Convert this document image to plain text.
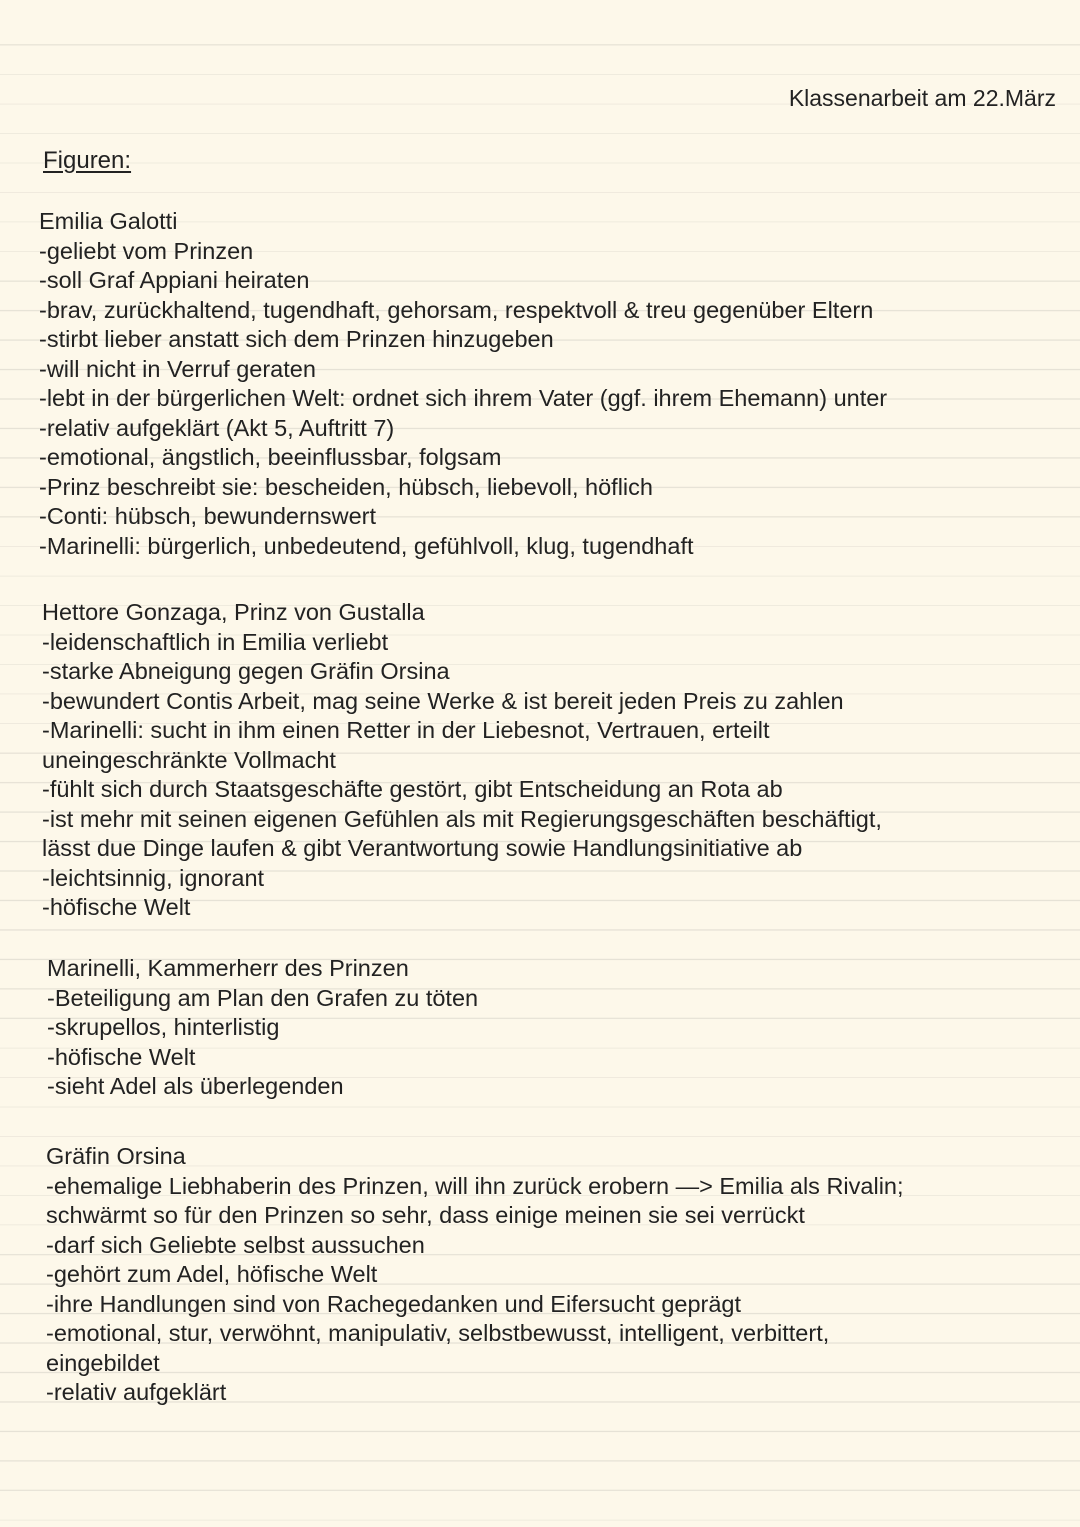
Klassenarbeit am 22.März
Figuren:
Emilia Galotti
-geliebt vom Prinzen
-soll Graf Appiani heiraten
-brav, zurückhaltend, tugendhaft, gehorsam, respektvoll & treu gegenüber Eltern
-stirbt lieber anstatt sich dem Prinzen hinzugeben
-will nicht in Verruf geraten
-lebt in der bürgerlichen Welt: ordnet sich ihrem Vater (ggf. ihrem Ehemann) unter
-relativ aufgeklärt (Akt 5, Auftritt 7)
-emotional, ängstlich, beeinflussbar, folgsam
-Prinz beschreibt sie: bescheiden, hübsch, liebevoll, höflich
-Conti: hübsch, bewundernswert
-Marinelli: bürgerlich, unbedeutend, gefühlvoll, klug, tugendhaft
Hettore Gonzaga, Prinz von Gustalla
-leidenschaftlich in Emilia verliebt
-starke Abneigung gegen Gräfin Orsina
-bewundert Contis Arbeit, mag seine Werke & ist bereit jeden Preis zu zahlen
-Marinelli: sucht in ihm einen Retter in der Liebesnot, Vertrauen, erteilt
uneingeschränkte Vollmacht
-fühlt sich durch Staatsgeschäfte gestört, gibt Entscheidung an Rota ab
-ist mehr mit seinen eigenen Gefühlen als mit Regierungsgeschäften beschäftigt,
lässt due Dinge laufen & gibt Verantwortung sowie Handlungsinitiative ab
-leichtsinnig, ignorant
-höfische Welt
Marinelli, Kammerherr des Prinzen
-Beteiligung am Plan den Grafen zu töten
-skrupellos, hinterlistig
-höfische Welt
-sieht Adel als überlegenden
Gräfin Orsina
-ehemalige Liebhaberin des Prinzen, will ihn zurück erobern —> Emilia als Rivalin;
schwärmt so für den Prinzen so sehr, dass einige meinen sie sei verrückt
-darf sich Geliebte selbst aussuchen
-gehört zum Adel, höfische Welt
-ihre Handlungen sind von Rachegedanken und Eifersucht geprägt
-emotional, stur, verwöhnt, manipulativ, selbstbewusst, intelligent, verbittert,
eingebildet
-relativ aufgeklärt
